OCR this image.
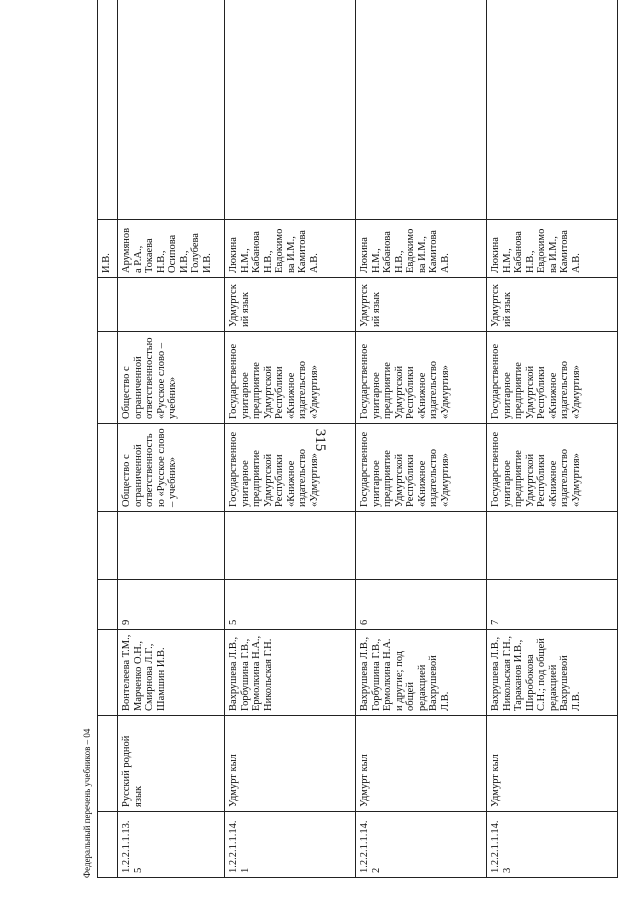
315
								И.В.		
1.2.2.1.1.13.5	Русский родной язык	Вонтелеева Т.М., Марченко О.Н., Смирнова Л.Г., Шамшин И.В.	9		Общество с ограниченной ответственностью «Русское слово – учебник»	Общество с ограниченной ответственностью «Русское слово – учебник»		Арумянова Р.А., Токаева Н.В., Осипова И.В., Голубева И.В.		
1.2.2.1.1.14.1	Удмурт кыл	Вахрушева Л.В., Горбушина Г.В., Ермолкина Н.А., Никольская Г.Н.	5		Государственное унитарное предприятие Удмуртской Республики «Книжное издательство «Удмуртия»	Государственное унитарное предприятие Удмуртской Республики «Книжное издательство «Удмуртия»	Удмуртский язык	Люкина Н.М., Кабанова Н.В., Евдокимова И.М., Камитова А.В.		
1.2.2.1.1.14.2	Удмурт кыл	Вахрушева Л.В., Горбушина Г.В., Ермолкина Н.А. и другие; под общей редакцией Вахрушевой Л.В.	6		Государственное унитарное предприятие Удмуртской Республики «Книжное издательство «Удмуртия»	Государственное унитарное предприятие Удмуртской Республики «Книжное издательство «Удмуртия»	Удмуртский язык	Люкина Н.М., Кабанова Н.В., Евдокимова И.М., Камитова А.В.		
1.2.2.1.1.14.3	Удмурт кыл	Вахрушева Л.В., Никольская Г.Н., Тараканов И.В., Широбокова С.Н.; под общей редакцией Вахрушевой Л.В.	7		Государственное унитарное предприятие Удмуртской Республики «Книжное издательство «Удмуртия»	Государственное унитарное предприятие Удмуртской Республики «Книжное издательство «Удмуртия»	Удмуртский язык	Люкина Н.М., Кабанова Н.В., Евдокимова И.М., Камитова А.В.		
Федеральный перечень учебников – 04
